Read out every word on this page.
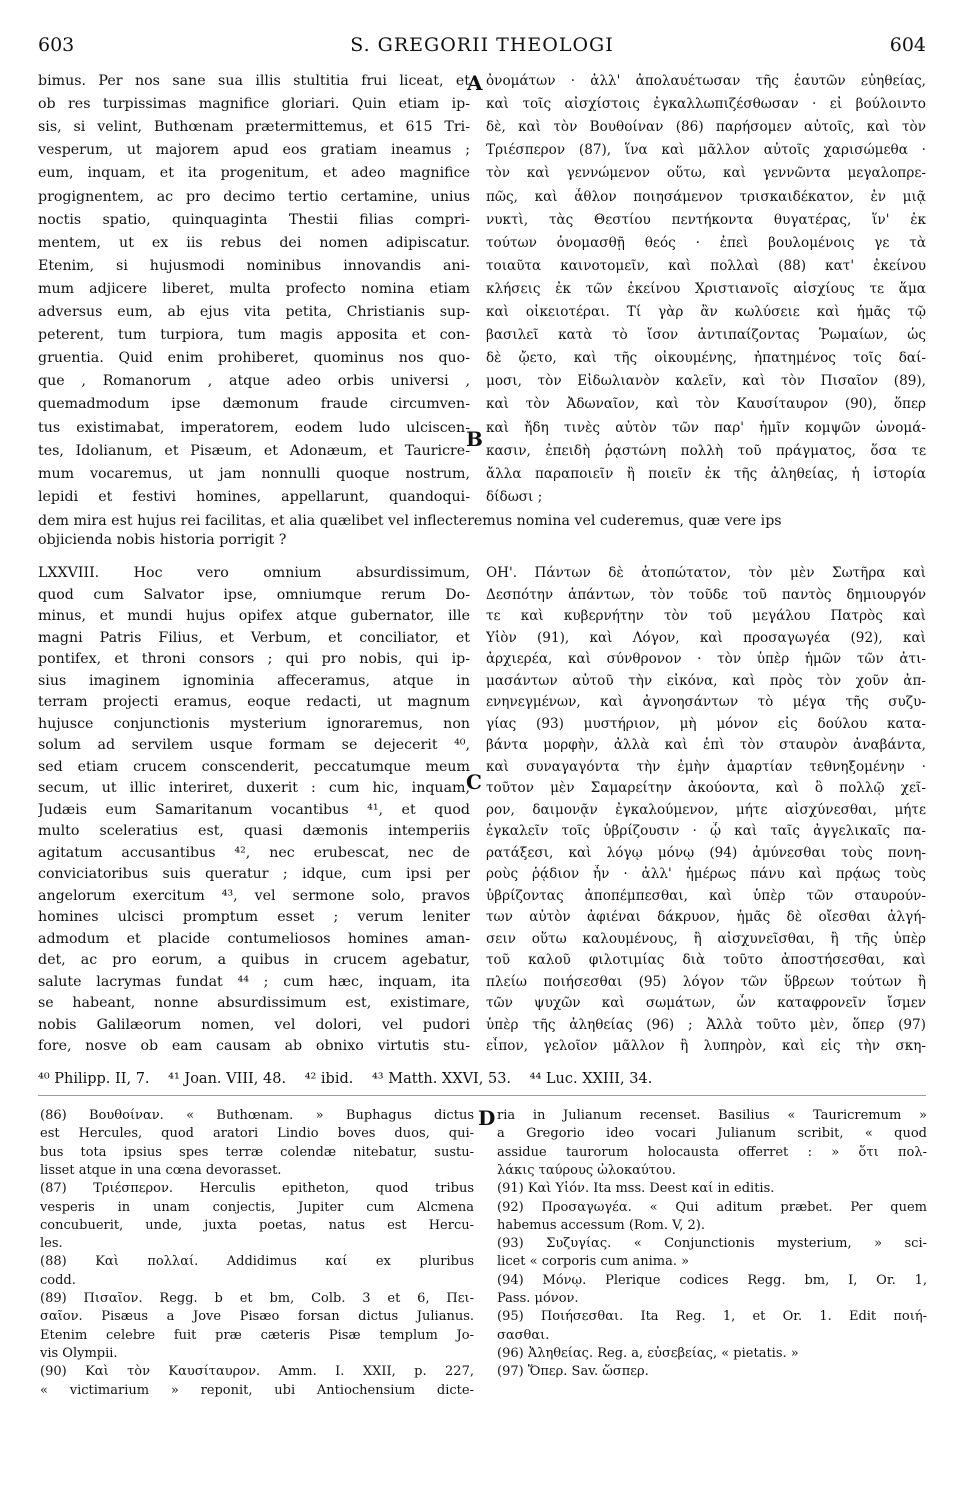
603	S. GREGORII THEOLOGI	604
A
B
C
D
bimus. Per nos sane sua illis stultitia frui liceat, et
ob res turpissimas magnifice gloriari. Quin etiam ip-
sis, si velint, Buthœnam prætermittemus, et 615 Tri-
vesperum, ut majorem apud eos gratiam ineamus ;
eum, inquam, et ita progenitum, et adeo magnifice
progignentem, ac pro decimo tertio certamine, unius
noctis spatio, quinquaginta Thestii filias compri-
mentem, ut ex iis rebus dei nomen adipiscatur.
Etenim, si hujusmodi nominibus innovandis ani-
mum adjicere liberet, multa profecto nomina etiam
adversus eum, ab ejus vita petita, Christianis sup-
peterent, tum turpiora, tum magis apposita et con-
gruentia. Quid enim prohiberet, quominus nos quo-
que , Romanorum , atque adeo orbis universi ,
quemadmodum ipse dæmonum fraude circumven-
tus existimabat, imperatorem, eodem ludo ulciscen-
tes, Idolianum, et Pisæum, et Adonæum, et Tauricre-
mum vocaremus, ut jam nonnulli quoque nostrum,
lepidi et festivi homines, appellarunt, quandoqui-
ὀνομάτων · ἀλλ' ἀπολαυέτωσαν τῆς ἑαυτῶν εὐηθείας,
καὶ τοῖς αἰσχίστοις ἐγκαλλωπιζέσθωσαν · εἰ βούλοιντο
δὲ, καὶ τὸν Βουθοίναν (86) παρήσομεν αὐτοῖς, καὶ τὸν
Τριέσπερον (87), ἵνα καὶ μᾶλλον αὐτοῖς χαρισώμεθα ·
τὸν καὶ γεννώμενον οὕτω, καὶ γεννῶντα μεγαλοπρε-
πῶς, καὶ ἆθλον ποιησάμενον τρισκαιδέκατον, ἐν μιᾷ
νυκτὶ, τὰς Θεστίου πεντήκοντα θυγατέρας, ἵν' ἐκ
τούτων ὀνομασθῇ θεός · ἐπεὶ βουλομένοις γε τὰ
τοιαῦτα καινοτομεῖν, καὶ πολλαὶ (88) κατ' ἐκείνου
κλήσεις ἐκ τῶν ἐκείνου Χριστιανοῖς αἰσχίους τε ἅμα
καὶ οἰκειοτέραι. Τί γὰρ ἂν κωλύσειε καὶ ἡμᾶς τῷ
βασιλεῖ κατὰ τὸ ἴσον ἀντιπαίζοντας Ῥωμαίων, ὡς
δὲ ᾤετο, καὶ τῆς οἰκουμένης, ἠπατημένος τοῖς δαί-
μοσι, τὸν Εἰδωλιανὸν καλεῖν, καὶ τὸν Πισαῖον (89),
καὶ τὸν Ἀδωναῖον, καὶ τὸν Καυσίταυρον (90), ὅπερ
καὶ ἤδη τινὲς αὐτὸν τῶν παρ' ἡμῖν κομψῶν ὠνομά-
κασιν, ἐπειδὴ ῥᾳστώνη πολλὴ τοῦ πράγματος, ὅσα τε
ἄλλα παραποιεῖν ἢ ποιεῖν ἐκ τῆς ἀληθείας, ἡ ἱστορία
δίδωσι ;
dem mira est hujus rei facilitas, et alia quælibet vel inflecteremus nomina vel cuderemus, quæ vere ips
objicienda nobis historia porrigit ?
LXXVIII. Hoc vero omnium absurdissimum,
quod cum Salvator ipse, omniumque rerum Do-
minus, et mundi hujus opifex atque gubernator, ille
magni Patris Filius, et Verbum, et conciliator, et
pontifex, et throni consors ; qui pro nobis, qui ip-
sius imaginem ignominia affeceramus, atque in
terram projecti eramus, eoque redacti, ut magnum
hujusce conjunctionis mysterium ignoraremus, non
solum ad servilem usque formam se dejecerit ⁴⁰,
sed etiam crucem conscenderit, peccatumque meum
secum, ut illic interiret, duxerit : cum hic, inquam,
Judæis eum Samaritanum vocantibus ⁴¹, et quod
multo sceleratius est, quasi dæmonis intemperiis
agitatum accusantibus ⁴², nec erubescat, nec de
conviciatoribus suis queratur ; idque, cum ipsi per
angelorum exercitum ⁴³, vel sermone solo, pravos
homines ulcisci promptum esset ; verum leniter
admodum et placide contumeliosos homines aman-
det, ac pro eorum, a quibus in crucem agebatur,
salute lacrymas fundat ⁴⁴ ; cum hæc, inquam, ita
se habeant, nonne absurdissimum est, existimare,
nobis Galilæorum nomen, vel dolori, vel pudori
fore, nosve ob eam causam ab obnixo virtutis stu-
ΟΗ'. Πάντων δὲ ἀτοπώτατον, τὸν μὲν Σωτῆρα καὶ
Δεσπότην ἁπάντων, τὸν τοῦδε τοῦ παντὸς δημιουργόν
τε καὶ κυβερνήτην τὸν τοῦ μεγάλου Πατρὸς καὶ
Υἱὸν (91), καὶ Λόγον, καὶ προσαγωγέα (92), καὶ
ἀρχιερέα, καὶ σύνθρονον · τὸν ὑπὲρ ἡμῶν τῶν ἀτι-
μασάντων αὐτοῦ τὴν εἰκόνα, καὶ πρὸς τὸν χοῦν ἀπ-
ενηνεγμένων, καὶ ἀγνοησάντων τὸ μέγα τῆς συζυ-
γίας (93) μυστήριον, μὴ μόνον εἰς δούλου κατα-
βάντα μορφὴν, ἀλλὰ καὶ ἐπὶ τὸν σταυρὸν ἀναβάντα,
καὶ συναγαγόντα τὴν ἐμὴν ἁμαρτίαν τεθνηξομένην ·
τοῦτον μὲν Σαμαρείτην ἀκούοντα, καὶ ὃ πολλῷ χεῖ-
ρον, δαιμονᾷν ἐγκαλούμενον, μήτε αἰσχύνεσθαι, μήτε
ἐγκαλεῖν τοῖς ὑβρίζουσιν · ᾧ καὶ ταῖς ἀγγελικαῖς πα-
ρατάξεσι, καὶ λόγῳ μόνῳ (94) ἀμύνεσθαι τοὺς πονη-
ροὺς ῥᾴδιον ἦν · ἀλλ' ἡμέρως πάνυ καὶ πρᾴως τοὺς
ὑβρίζοντας ἀποπέμπεσθαι, καὶ ὑπὲρ τῶν σταυρούν-
των αὐτὸν ἀφιέναι δάκρυον, ἡμᾶς δὲ οἴεσθαι ἀλγή-
σειν οὕτω καλουμένους, ἢ αἰσχυνεῖσθαι, ἢ τῆς ὑπὲρ
τοῦ καλοῦ φιλοτιμίας διὰ τοῦτο ἀποστήσεσθαι, καὶ
πλείω ποιήσεσθαι (95) λόγον τῶν ὕβρεων τούτων ἢ
τῶν ψυχῶν καὶ σωμάτων, ὧν καταφρονεῖν ἴσμεν
ὑπὲρ τῆς ἀληθείας (96) ; Ἀλλὰ τοῦτο μὲν, ὅπερ (97)
εἶπον, γελοῖον μᾶλλον ἢ λυπηρὸν, καὶ εἰς τὴν σκη-
⁴⁰ Philipp. II, 7. ⁴¹ Joan. VIII, 48. ⁴² ibid. ⁴³ Matth. XXVI, 53. ⁴⁴ Luc. XXIII, 34.
(86) Βουθοίναν. « Buthœnam. » Buphagus dictus
est Hercules, quod aratori Lindio boves duos, qui-
bus tota ipsius spes terræ colendæ nitebatur, sustu-
lisset atque in una cœna devorasset.
(87) Τριέσπερον. Herculis epitheton, quod tribus
vesperis in unam conjectis, Jupiter cum Alcmena
concubuerit, unde, juxta poetas, natus est Hercu-
les.
(88) Καὶ πολλαί. Addidimus καί ex pluribus
codd.
(89) Πισαῖον. Regg. b et bm, Colb. 3 et 6, Πει-
σαῖον. Pisæus a Jove Pisæo forsan dictus Julianus.
Etenim celebre fuit præ cæteris Pisæ templum Jo-
vis Olympii.
(90) Καὶ τὸν Καυσίταυρον. Amm. I. XXII, p. 227,
« victimarium » reponit, ubi Antiochensium dicte-
ria in Julianum recenset. Basilius « Tauricremum »
a Gregorio ideo vocari Julianum scribit, « quod
assidue taurorum holocausta offerret : » ὅτι πολ-
λάκις ταύρους ὠλοκαύτου.
(91) Καὶ Υἱόν. Ita mss. Deest καί in editis.
(92) Προσαγωγέα. « Qui aditum præbet. Per quem
habemus accessum (Rom. V, 2).
(93) Συζυγίας. « Conjunctionis mysterium, » sci-
licet « corporis cum anima. »
(94) Μόνῳ. Plerique codices Regg. bm, I, Or. 1,
Pass. μόνον.
(95) Ποιήσεσθαι. Ita Reg. 1, et Or. 1. Edit ποιή-
σασθαι.
(96) Ἀληθείας. Reg. a, εὐσεβείας, « pietatis. »
(97) Ὅπερ. Sav. ὥσπερ.
